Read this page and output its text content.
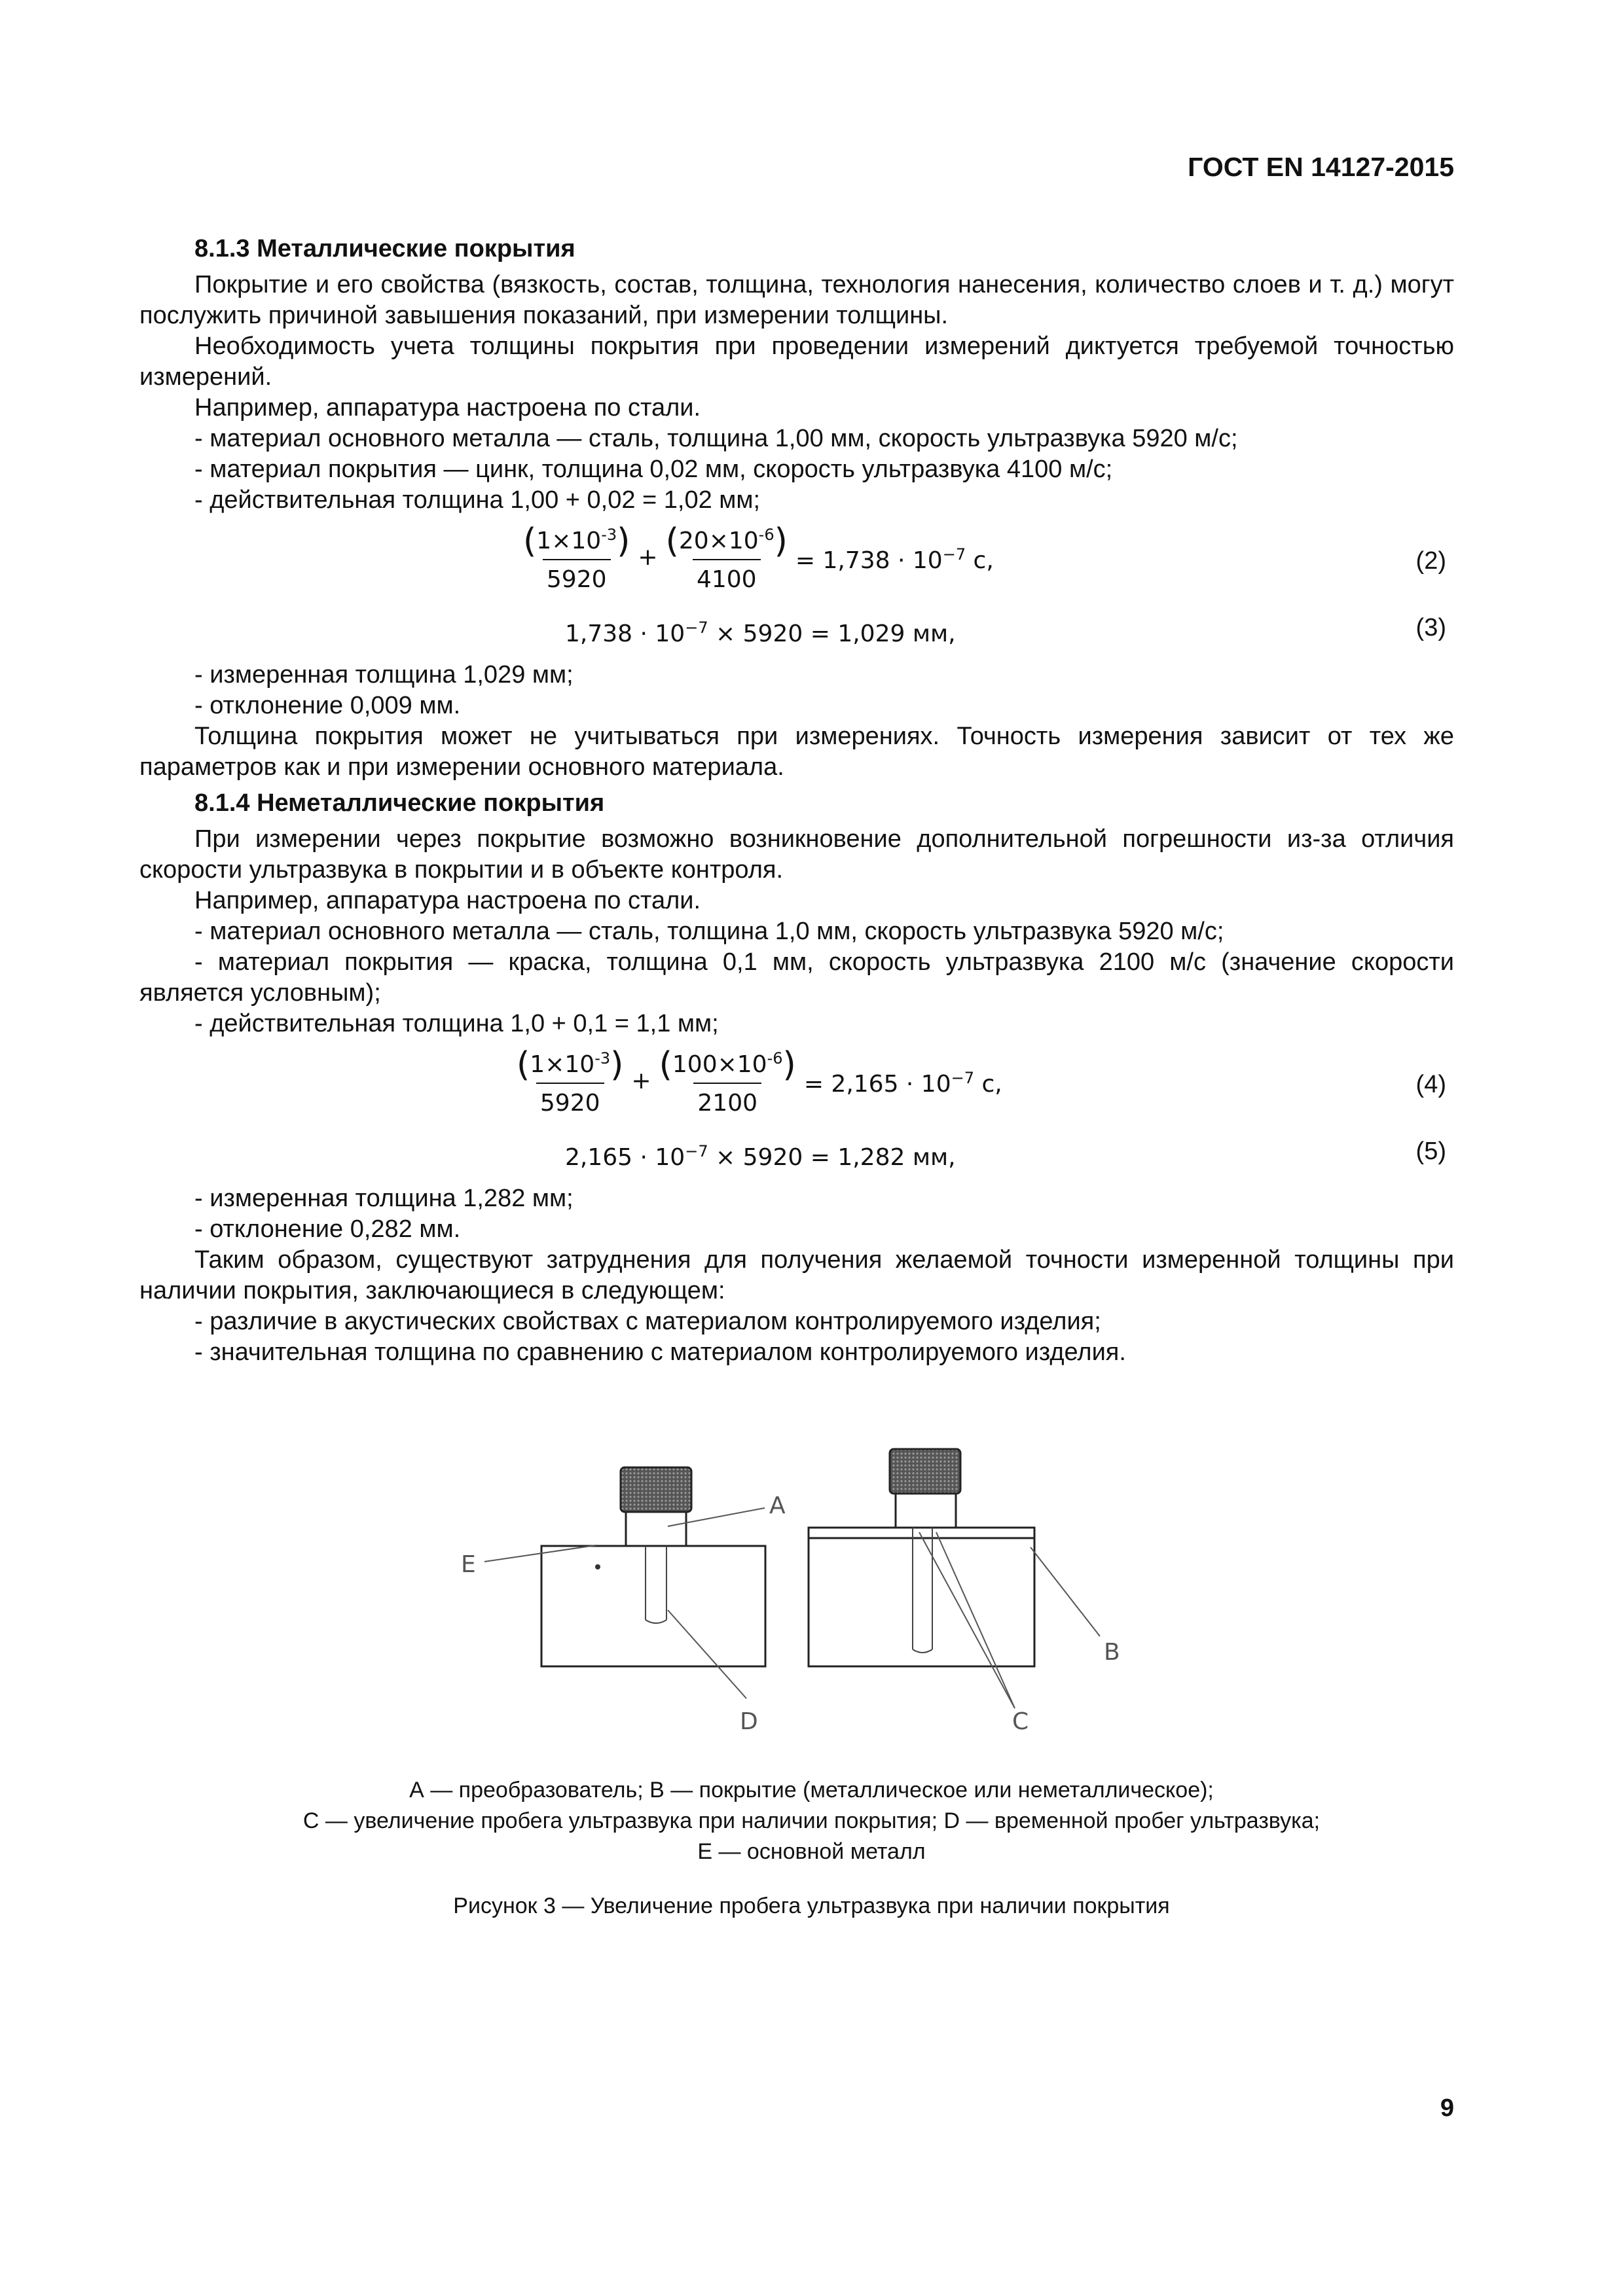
ГОСТ EN 14127-2015

8.1.3 Металлические покрытия

Покрытие и его свойства (вязкость, состав, толщина, технология нанесения, количество слоев и т. д.) могут послужить причиной завышения показаний, при измерении толщины.

Необходимость учета толщины покрытия при проведении измерений диктуется требуемой точностью измерений.

Например, аппаратура настроена по стали.

- материал основного металла — сталь, толщина 1,00 мм, скорость ультразвука 5920 м/с;

- материал покрытия — цинк, толщина 0,02 мм, скорость ультразвука 4100 м/с;

- действительная толщина 1,00 + 0,02 = 1,02 мм;

$\frac{(1\times 10^{-3})}{5920} + \frac{(20\times 10^{-6})}{4100} = 1,738 \cdot 10^{-7}$ с,	(2)
$1,738 \cdot 10^{-7} \times 5920 = 1,029$ мм,	(3)

- измеренная толщина 1,029 мм;

- отклонение 0,009 мм.

Толщина покрытия может не учитываться при измерениях. Точность измерения зависит от тех же параметров как и при измерении основного материала.

8.1.4 Неметаллические покрытия

При измерении через покрытие возможно возникновение дополнительной погрешности из-за отличия скорости ультразвука в покрытии и в объекте контроля.

Например, аппаратура настроена по стали.

- материал основного металла — сталь, толщина 1,0 мм, скорость ультразвука 5920 м/с;

- материал покрытия — краска, толщина 0,1 мм, скорость ультразвука 2100 м/с (значение скорости является условным);

- действительная толщина 1,0 + 0,1 = 1,1 мм;

$\frac{(1\times 10^{-3})}{5920} + \frac{(100\times 10^{-6})}{2100} = 2,165 \cdot 10^{-7}$ с,	(4)
$2,165 \cdot 10^{-7} \times 5920 = 1,282$ мм,	(5)

- измеренная толщина 1,282 мм;

- отклонение 0,282 мм.

Таким образом, существуют затруднения для получения желаемой точности измеренной толщины при наличии покрытия, заключающиеся в следующем:

- различие в акустических свойствах с материалом контролируемого изделия;

- значительная толщина по сравнению с материалом контролируемого изделия.

A
E
D
B
C
А — преобразователь; В — покрытие (металлическое или неметаллическое);
С — увеличение пробега ультразвука при наличии покрытия; D — временной пробег ультразвука;
Е — основной металл
Рисунок 3 — Увеличение пробега ультразвука при наличии покрытия
9
